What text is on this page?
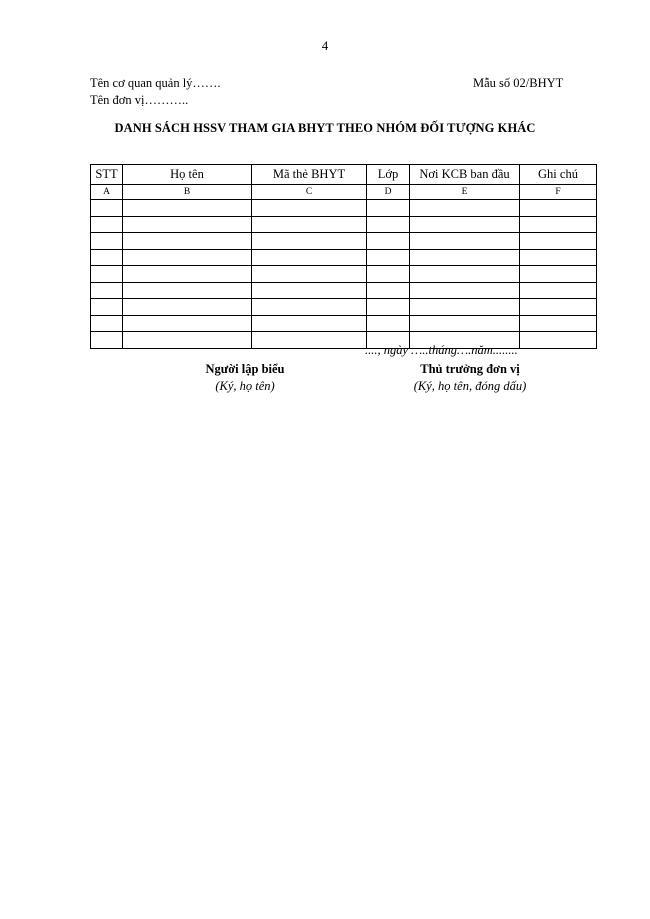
4
Tên cơ quan quản lý…….	Mẫu số 02/BHYT
Tên đơn vị………..
DANH SÁCH HSSV THAM GIA BHYT THEO NHÓM ĐỐI TƯỢNG KHÁC
STT	Họ tên	Mã thẻ BHYT	Lớp	Nơi KCB ban đầu	Ghi chú
A	B	C	D	E	F

...., ngày …..tháng….năm........
Người lập biểu
(Ký, họ tên)
Thủ trưởng đơn vị
(Ký, họ tên, đóng dấu)
